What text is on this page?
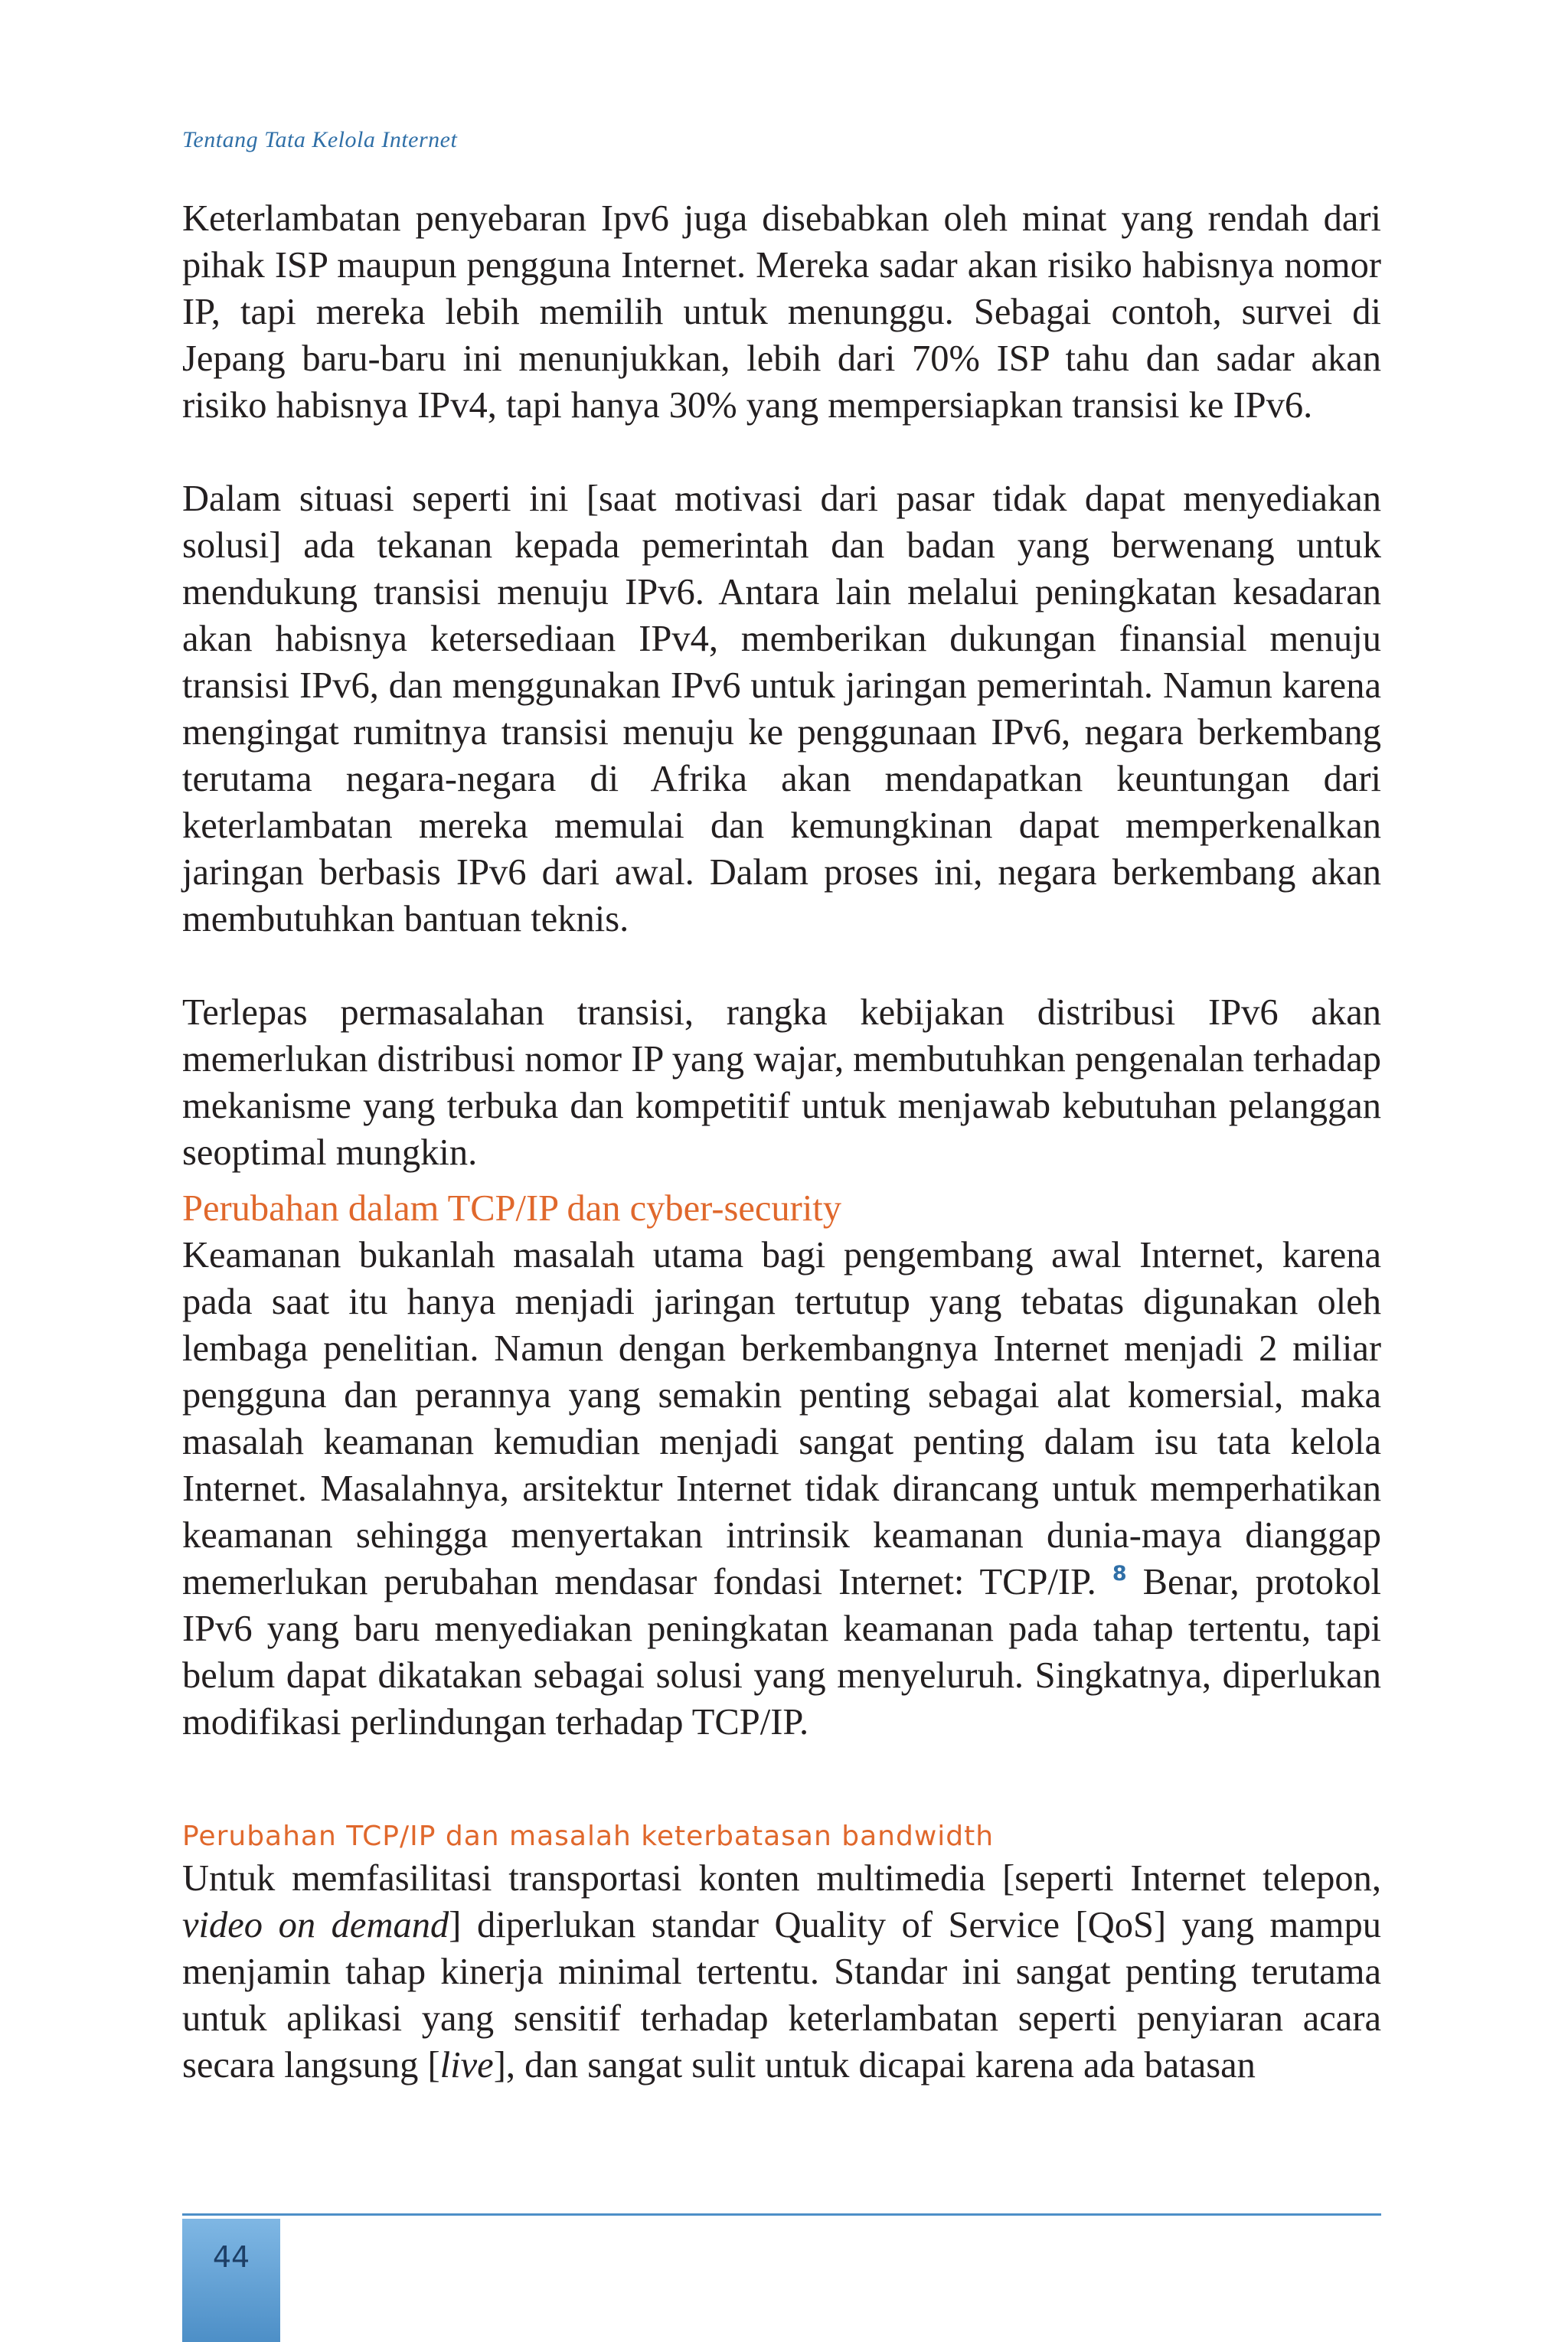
Tentang Tata Kelola Internet

Keterlambatan penyebaran Ipv6 juga disebabkan oleh minat yang rendah dari pihak ISP maupun pengguna Internet. Mereka sadar akan risiko habisnya nomor IP, tapi mereka lebih memilih untuk menunggu. Sebagai contoh, survei di Jepang baru-baru ini menunjukkan, lebih dari 70% ISP tahu dan sadar akan risiko habisnya IPv4, tapi hanya 30% yang mempersiapkan transisi ke IPv6.

Dalam situasi seperti ini [saat motivasi dari pasar tidak dapat menyediakan solusi] ada tekanan kepada pemerintah dan badan yang berwenang untuk mendukung transisi menuju IPv6. Antara lain melalui peningkatan kesadaran akan habisnya ketersediaan IPv4, memberikan dukungan finansial menuju transisi IPv6, dan menggunakan IPv6 untuk jaringan pemerintah. Namun karena mengingat rumitnya transisi menuju ke penggunaan IPv6, negara berkembang terutama negara-negara di Afrika akan mendapatkan keuntungan dari keterlambatan mereka memulai dan kemungkinan dapat memperkenalkan jaringan berbasis IPv6 dari awal. Dalam proses ini, negara berkembang akan membutuhkan bantuan teknis.

Terlepas permasalahan transisi, rangka kebijakan distribusi IPv6 akan memerlukan distribusi nomor IP yang wajar, membutuhkan pengenalan terhadap mekanisme yang terbuka dan kompetitif untuk menjawab kebutuhan pelanggan seoptimal mungkin.

Perubahan dalam TCP/IP dan cyber-security

Keamanan bukanlah masalah utama bagi pengembang awal Internet, karena pada saat itu hanya menjadi jaringan tertutup yang tebatas digunakan oleh lembaga penelitian. Namun dengan berkembangnya Internet menjadi 2 miliar pengguna dan perannya yang semakin penting sebagai alat komersial, maka masalah keamanan kemudian menjadi sangat penting dalam isu tata kelola Internet. Masalahnya, arsitektur Internet tidak dirancang untuk memperhatikan keamanan sehingga menyertakan intrinsik keamanan dunia-maya dianggap memerlukan perubahan mendasar fondasi Internet: TCP/IP. $^8$ Benar, protokol IPv6 yang baru menyediakan peningkatan keamanan pada tahap tertentu, tapi belum dapat dikatakan sebagai solusi yang menyeluruh. Singkatnya, diperlukan modifikasi perlindungan terhadap TCP/IP.

Perubahan TCP/IP dan masalah keterbatasan bandwidth

Untuk memfasilitasi transportasi konten multimedia [seperti Internet telepon, video on demand] diperlukan standar Quality of Service [QoS] yang mampu menjamin tahap kinerja minimal tertentu. Standar ini sangat penting terutama untuk aplikasi yang sensitif terhadap keterlambatan seperti penyiaran acara secara langsung [live], dan sangat sulit untuk dicapai karena ada batasan

44
